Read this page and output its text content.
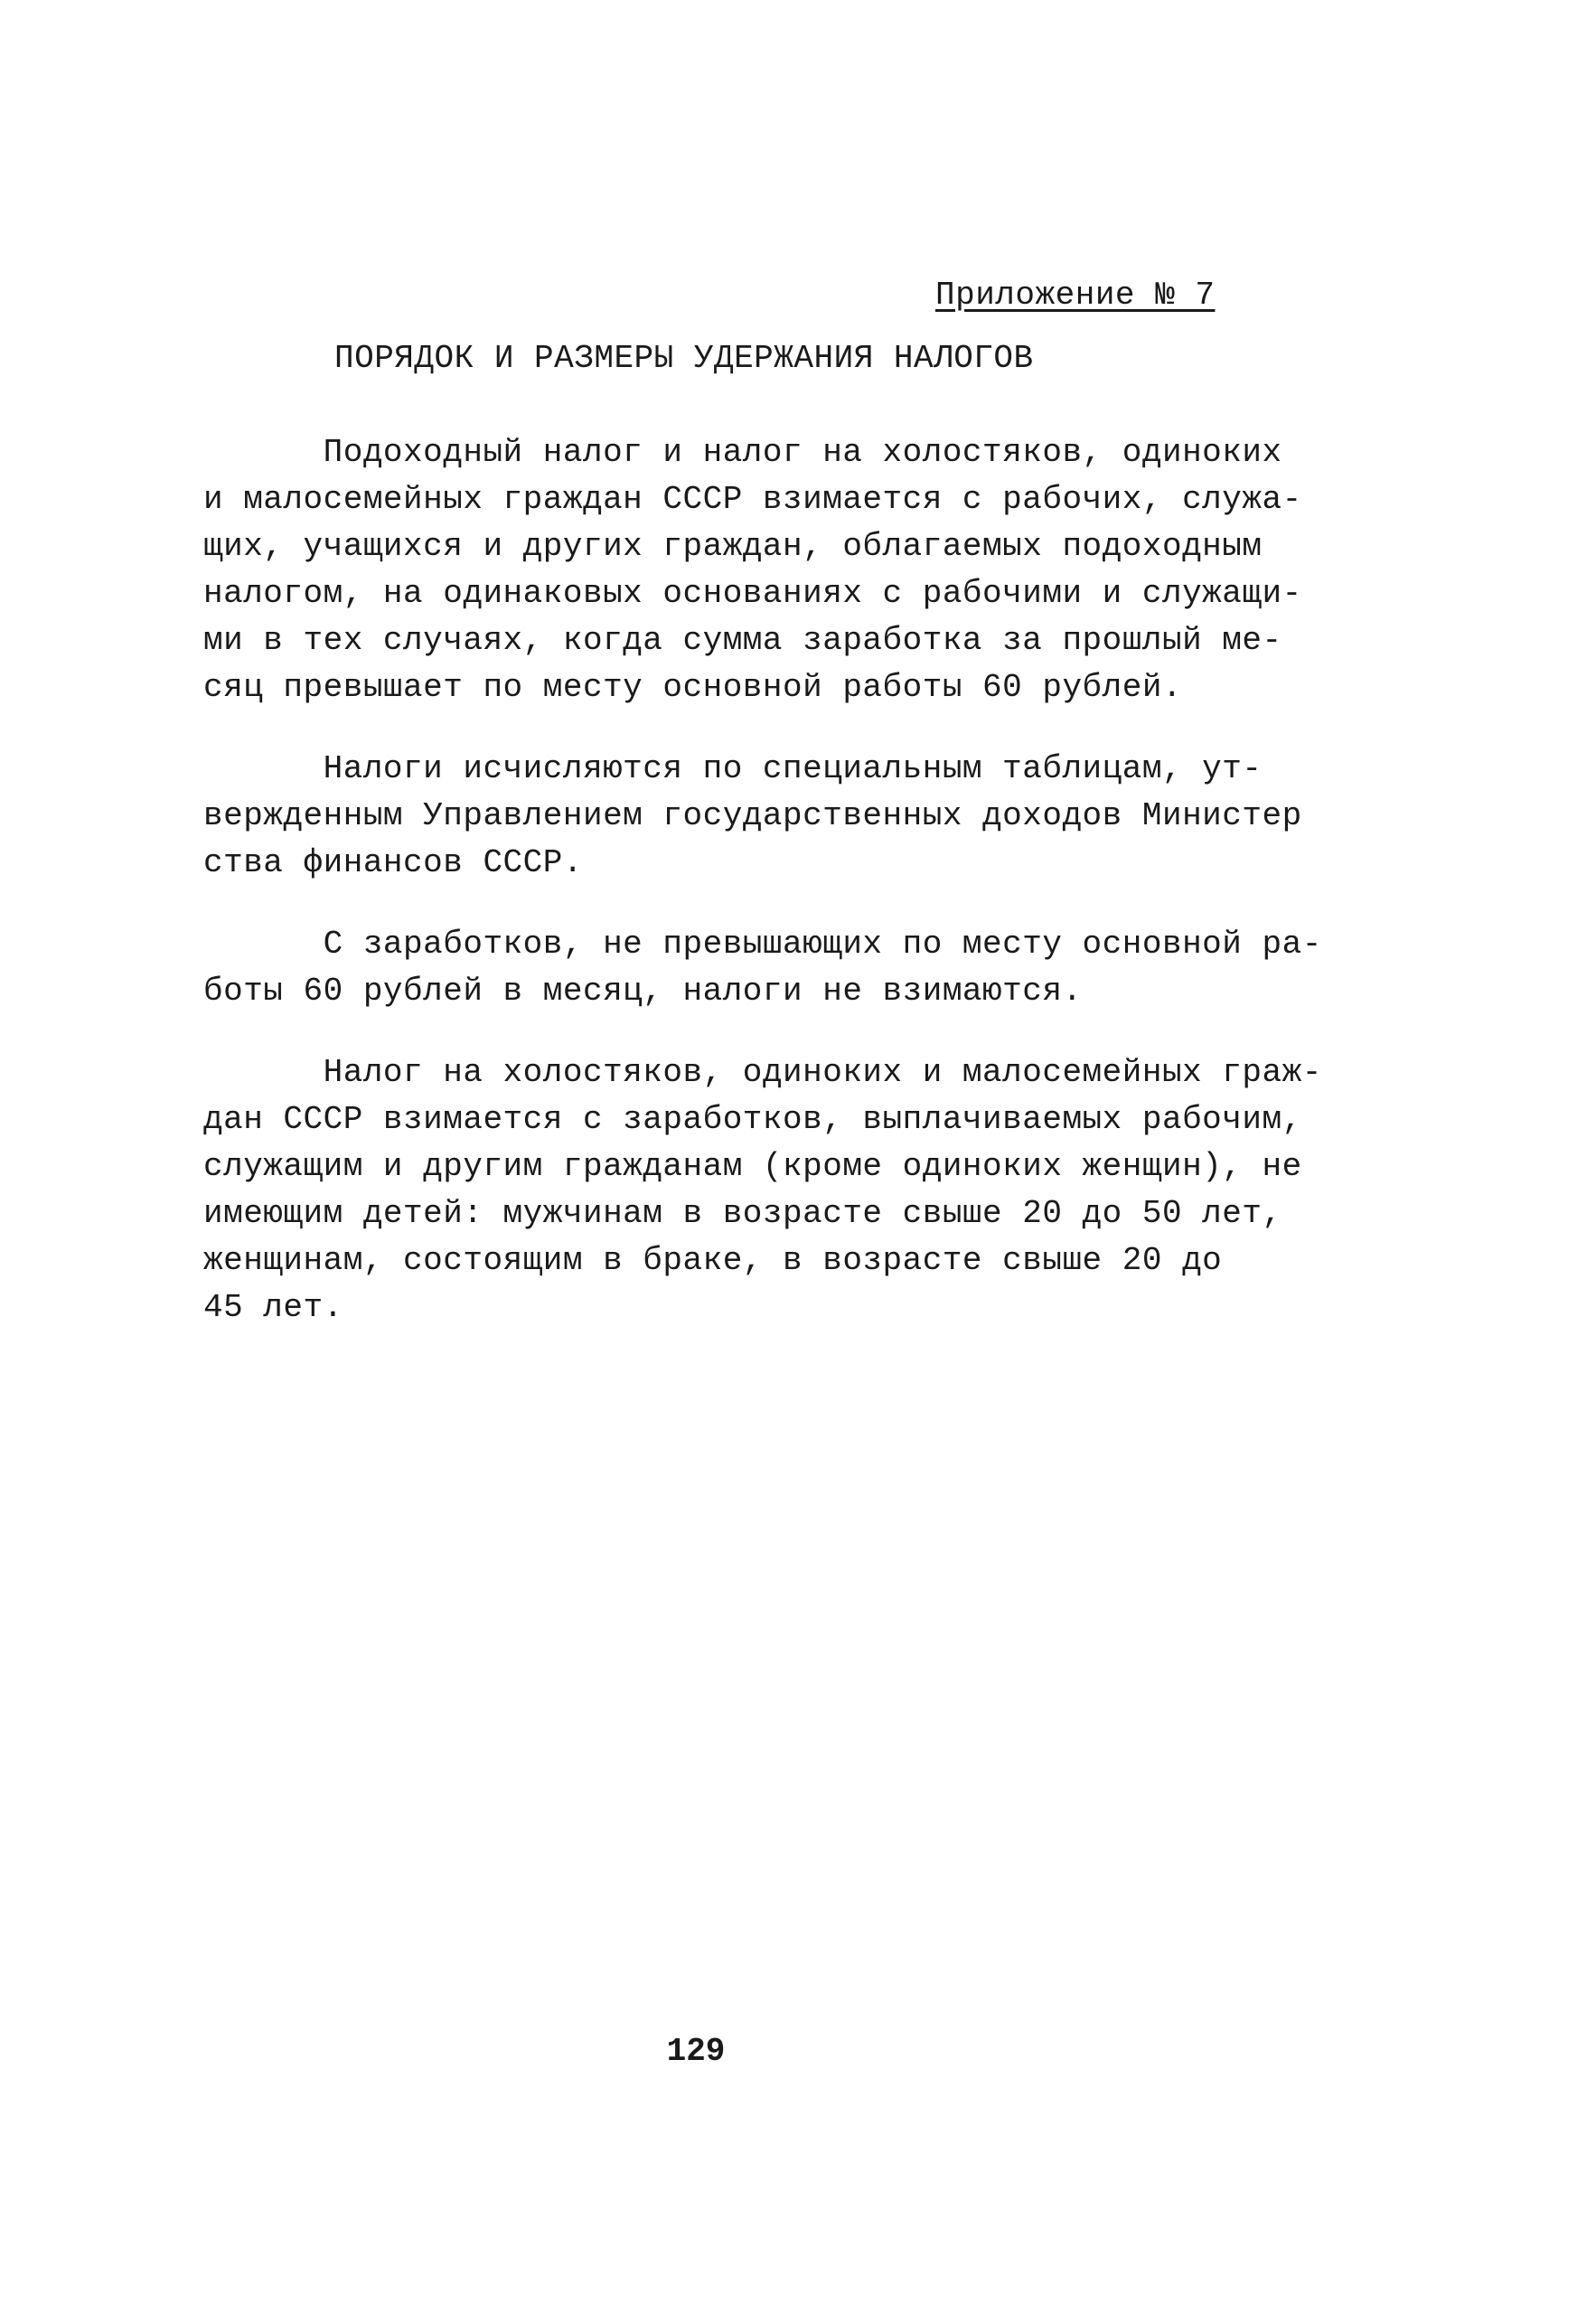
Приложение № 7
ПОРЯДОК И РАЗМЕРЫ УДЕРЖАНИЯ НАЛОГОВ
Подоходный налог и налог на холостяков, одиноких
и малосемейных граждан СССР взимается с рабочих, служа-
щих, учащихся и других граждан, облагаемых подоходным
налогом, на одинаковых основаниях с рабочими и служащи-
ми в тех случаях, когда сумма заработка за прошлый ме-
сяц превышает по месту основной работы 60 рублей.
Налоги исчисляются по специальным таблицам, ут-
вержденным Управлением государственных доходов Министер
ства финансов СССР.
С заработков, не превышающих по месту основной ра-
боты 60 рублей в месяц, налоги не взимаются.
Налог на холостяков, одиноких и малосемейных граж-
дан СССР взимается с заработков, выплачиваемых рабочим,
служащим и другим гражданам (кроме одиноких женщин), не
имеющим детей: мужчинам в возрасте свыше 20 до 50 лет,
женщинам, состоящим в браке, в возрасте свыше 20 до
45 лет.
129
